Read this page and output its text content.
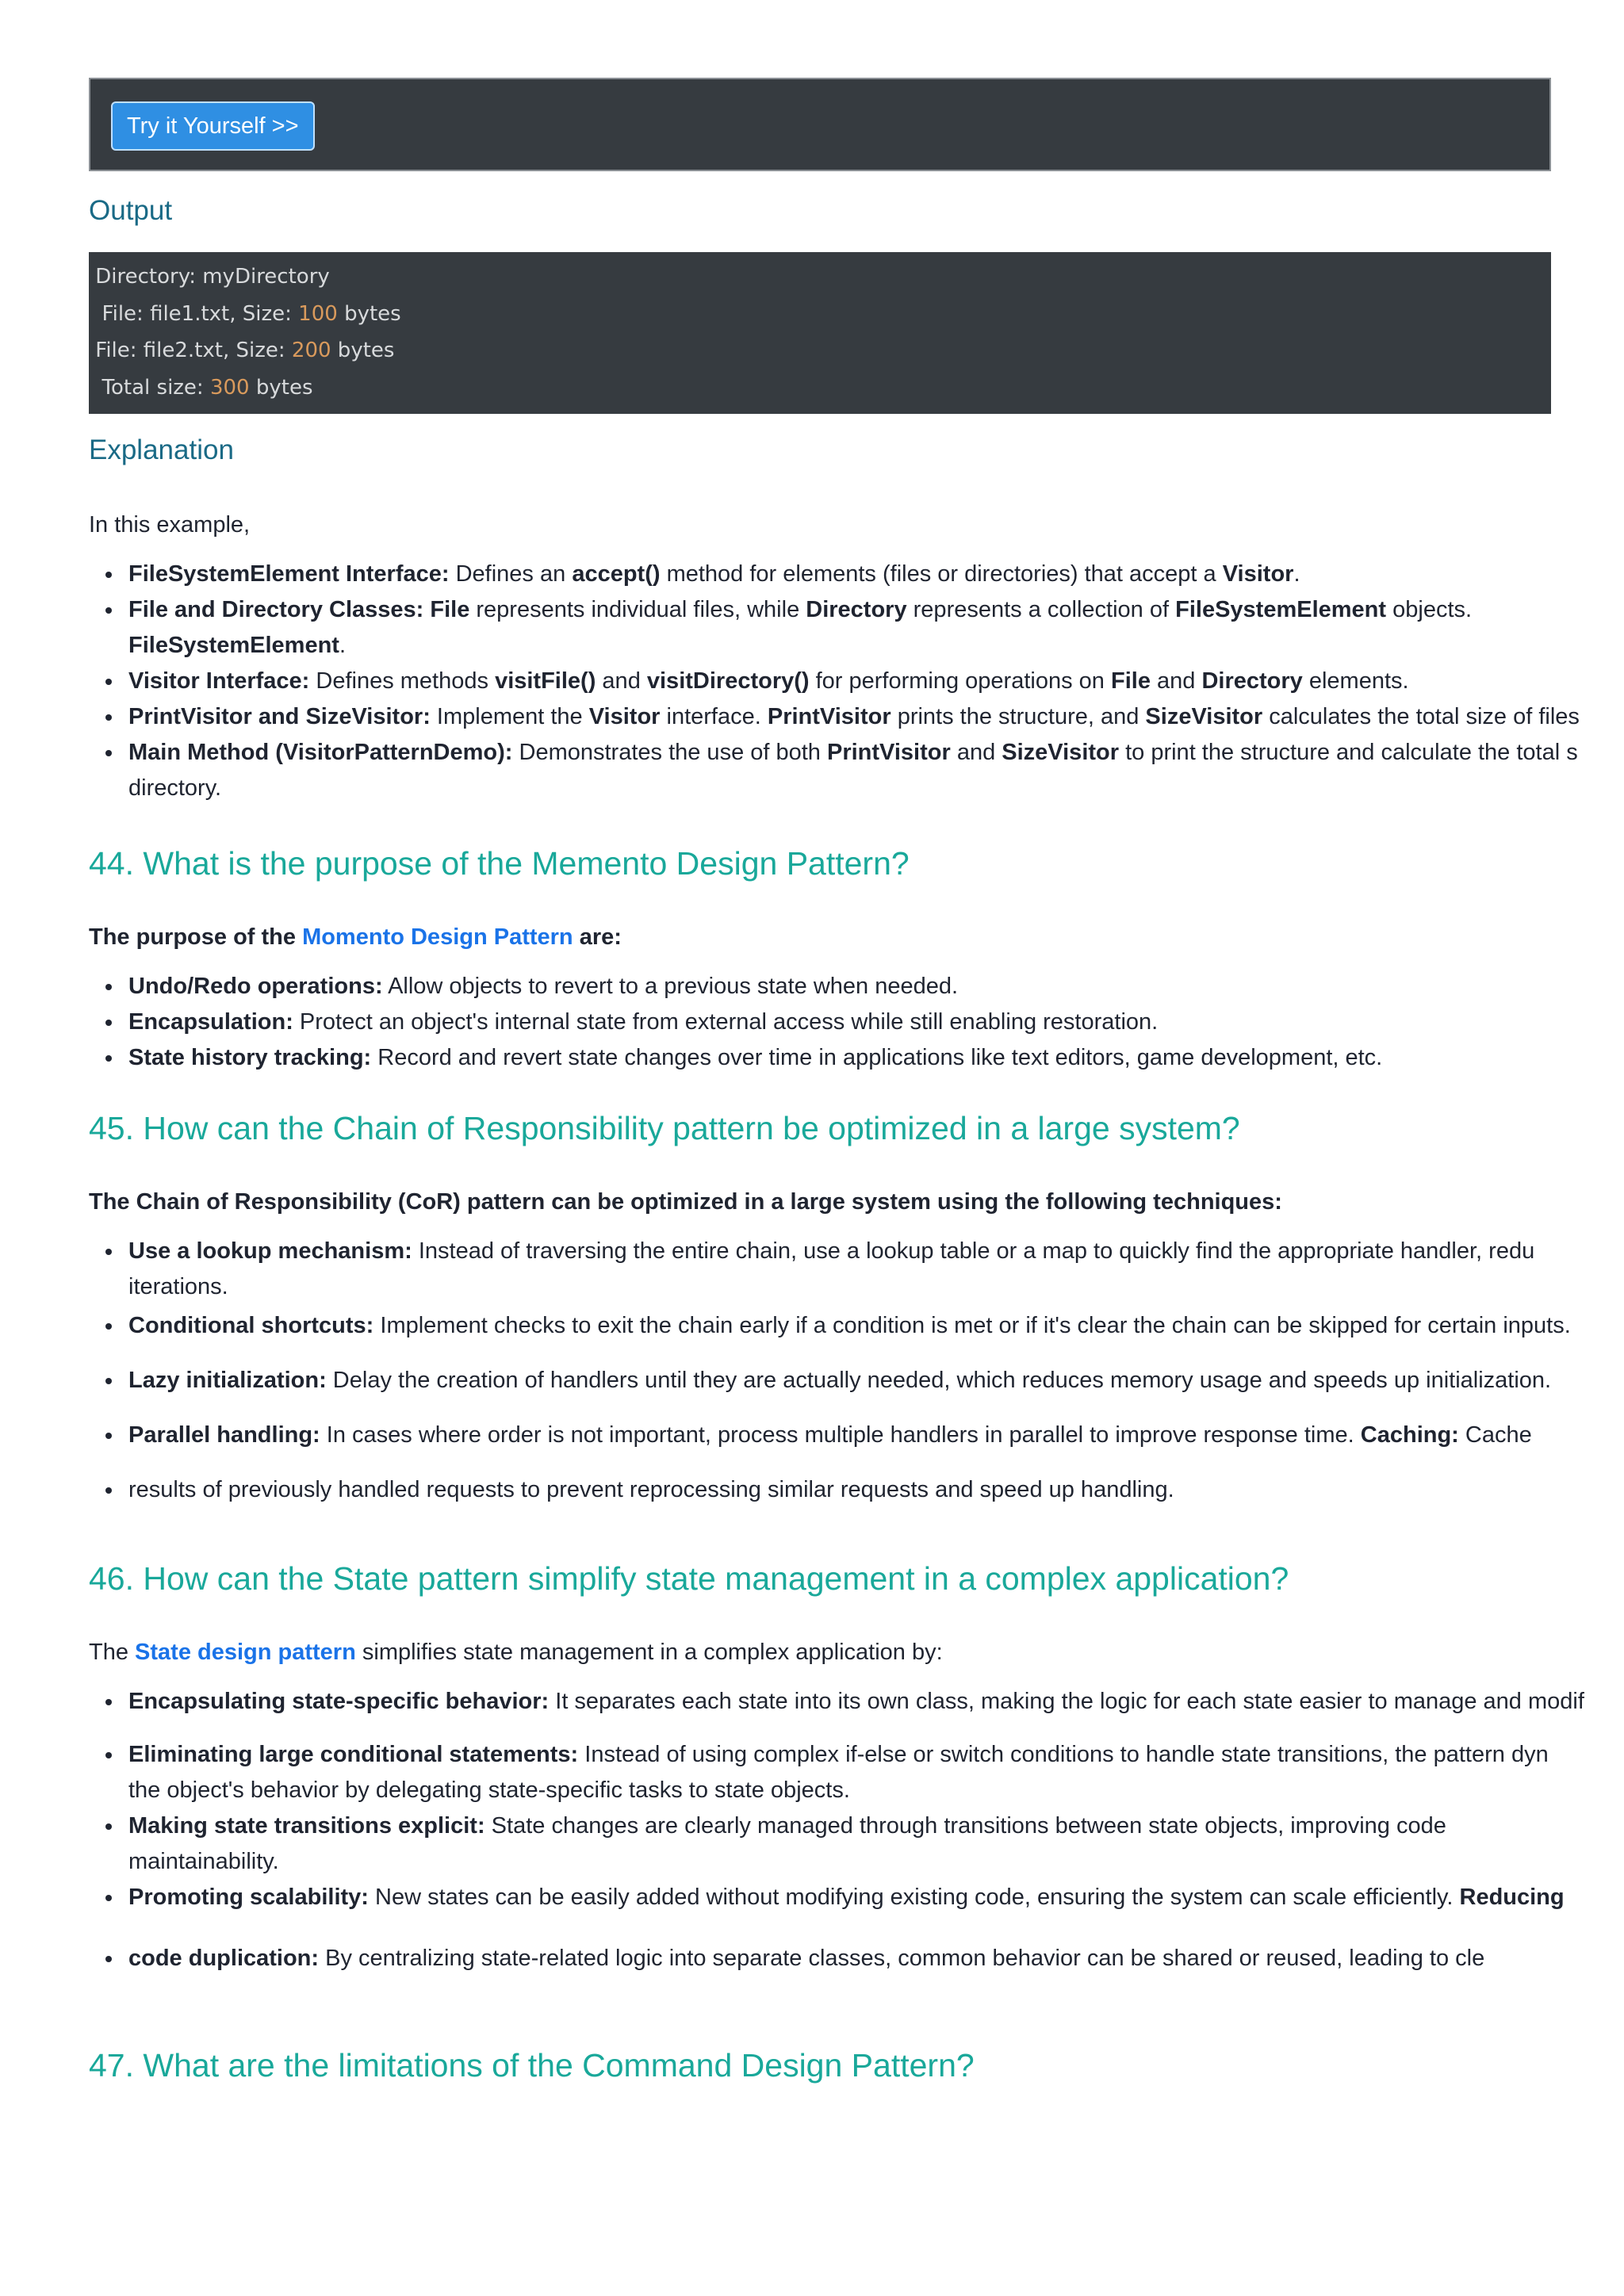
Try it Yourself >>
Output
Directory: myDirectory
File: file1.txt, Size: 100 bytes
File: file2.txt, Size: 200 bytes
Total size: 300 bytes
Explanation

In this example,

FileSystemElement Interface: Defines an accept() method for elements (files or directories) that accept a Visitor.
File and Directory Classes: File represents individual files, while Directory represents a collection of FileSystemElement objects.
FileSystemElement.
Visitor Interface: Defines methods visitFile() and visitDirectory() for performing operations on File and Directory elements.
PrintVisitor and SizeVisitor: Implement the Visitor interface. PrintVisitor prints the structure, and SizeVisitor calculates the total size of files
Main Method (VisitorPatternDemo): Demonstrates the use of both PrintVisitor and SizeVisitor to print the structure and calculate the total s
directory.
44. What is the purpose of the Memento Design Pattern?

The purpose of the Momento Design Pattern are:

Undo/Redo operations: Allow objects to revert to a previous state when needed.
Encapsulation: Protect an object's internal state from external access while still enabling restoration.
State history tracking: Record and revert state changes over time in applications like text editors, game development, etc.
45. How can the Chain of Responsibility pattern be optimized in a large system?

The Chain of Responsibility (CoR) pattern can be optimized in a large system using the following techniques:

Use a lookup mechanism: Instead of traversing the entire chain, use a lookup table or a map to quickly find the appropriate handler, redu
iterations.
Conditional shortcuts: Implement checks to exit the chain early if a condition is met or if it's clear the chain can be skipped for certain inputs.
Lazy initialization: Delay the creation of handlers until they are actually needed, which reduces memory usage and speeds up initialization.
Parallel handling: In cases where order is not important, process multiple handlers in parallel to improve response time. Caching: Cache
results of previously handled requests to prevent reprocessing similar requests and speed up handling.
46. How can the State pattern simplify state management in a complex application?

The State design pattern simplifies state management in a complex application by:

Encapsulating state-specific behavior: It separates each state into its own class, making the logic for each state easier to manage and modif
Eliminating large conditional statements: Instead of using complex if-else or switch conditions to handle state transitions, the pattern dyn
the object's behavior by delegating state-specific tasks to state objects.
Making state transitions explicit: State changes are clearly managed through transitions between state objects, improving code
maintainability.
Promoting scalability: New states can be easily added without modifying existing code, ensuring the system can scale efficiently. Reducing
code duplication: By centralizing state-related logic into separate classes, common behavior can be shared or reused, leading to cle
47. What are the limitations of the Command Design Pattern?
